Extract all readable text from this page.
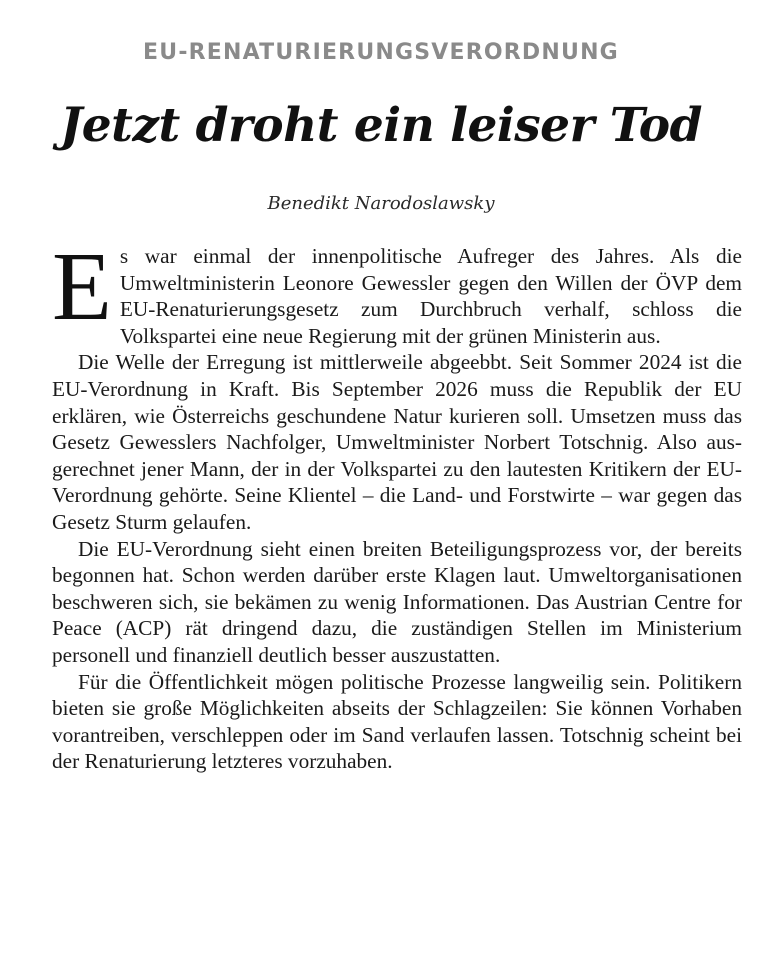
EU-RENATURIERUNGSVERORDNUNG
Jetzt droht ein leiser Tod
Benedikt Narodoslawsky

Es war einmal der innenpolitische Aufreger des Jahres. Als die Umweltministerin Leonore Gewessler gegen den Willen der ÖVP dem EU-Renaturierungsgesetz zum Durchbruch verhalf, schloss die Volkspartei eine neue Regierung mit der grünen Ministerin aus.

Die Welle der Erregung ist mittlerweile abgeebbt. Seit Sommer 2024 ist die EU-Verordnung in Kraft. Bis September 2026 muss die Republik der EU erklären, wie Österreichs geschundene Natur kurieren soll. Umsetzen muss das Gesetz Gewesslers Nachfolger, Umweltminister Norbert Totschnig. Also ausgerechnet jener Mann, der in der Volkspartei zu den lautesten Kritikern der EU-Verordnung gehörte. Seine Klientel – die Land- und Forstwirte – war gegen das Gesetz Sturm gelaufen.

Die EU-Verordnung sieht einen breiten Beteiligungsprozess vor, der bereits begonnen hat. Schon werden darüber erste Klagen laut. Umweltorganisationen beschweren sich, sie bekämen zu wenig Informationen. Das Austrian Centre for Peace (ACP) rät dringend dazu, die zuständigen Stellen im Ministerium personell und finanziell deutlich besser auszustatten.

Für die Öffentlichkeit mögen politische Prozesse langweilig sein. Politikern bieten sie große Möglichkeiten abseits der Schlagzeilen: Sie können Vorhaben vorantreiben, verschleppen oder im Sand verlaufen lassen. Totschnig scheint bei der Renaturierung letzteres vorzuhaben.
